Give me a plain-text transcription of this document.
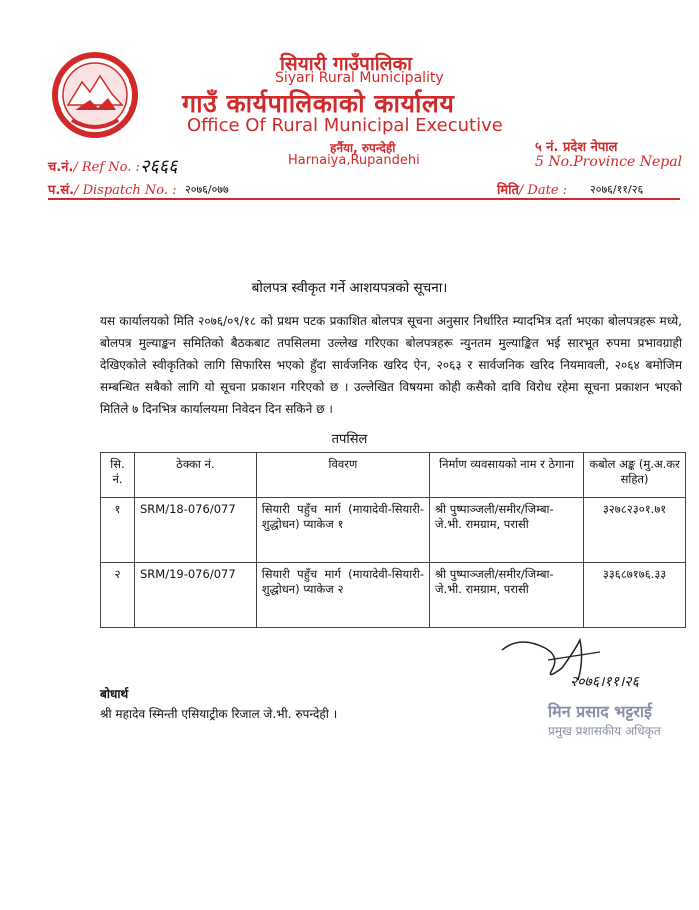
सियारी गाउँपालिका
Siyari Rural Municipality
गाउँ कार्यपालिकाको कार्यालय
Office Of Rural Municipal Executive
हर्नैया, रुपन्देही
Harnaiya,Rupandehi
५ नं. प्रदेश नेपाल
5 No.Province Nepal
च.नं./ Ref No. : २६६६
प.सं./ Dispatch No. : २०७६/०७७	मिति/ Date : २०७६/११/२६
बोलपत्र स्वीकृत गर्ने आशयपत्रको सूचना।
यस कार्यालयको मिति २०७६/०९/१८ को प्रथम पटक प्रकाशित बोलपत्र सूचना अनुसार निर्धारित म्यादभित्र दर्ता भएका बोलपत्रहरू मध्ये, बोलपत्र मुल्याङ्कन समितिको बैठकबाट तपसिलमा उल्लेख गरिएका बोलपत्रहरू न्युनतम मुल्याङ्कित भई सारभूत रुपमा प्रभावग्राही देखिएकोले स्वीकृतिको लागि सिफारिस भएको हुँदा सार्वजनिक खरिद ऐन, २०६३ र सार्वजनिक खरिद नियमावली, २०६४ बमोजिम सम्बन्धित सबैको लागि यो सूचना प्रकाशन गरिएको छ । उल्लेखित विषयमा कोही कसैको दावि विरोध रहेमा सूचना प्रकाशन भएको मितिले ७ दिनभित्र कार्यालयमा निवेदन दिन सकिने छ ।
तपसिल
सि. नं.	ठेक्का नं.	विवरण	निर्माण व्यवसायको नाम र ठेगाना	कबोल अङ्क (मु.अ.कर सहित)
१	SRM/18-076/077	सियारी पहुँच मार्ग (मायादेवी-सियारी-शुद्धोधन) प्याकेज १	श्री पुष्पाञ्जली/समीर/जिम्बा-जे.भी. रामग्राम, परासी	३२७८२३०१.७१
२	SRM/19-076/077	सियारी पहुँच मार्ग (मायादेवी-सियारी-शुद्धोधन) प्याकेज २	श्री पुष्पाञ्जली/समीर/जिम्बा-जे.भी. रामग्राम, परासी	३३६८७१७६.३३
२०७६।११।२६
मिन प्रसाद भट्टराई
प्रमुख प्रशासकीय अधिकृत
बोधार्थ
श्री महादेव स्मिन्ती एसियाट्रीक रिजाल जे.भी. रुपन्देही ।
